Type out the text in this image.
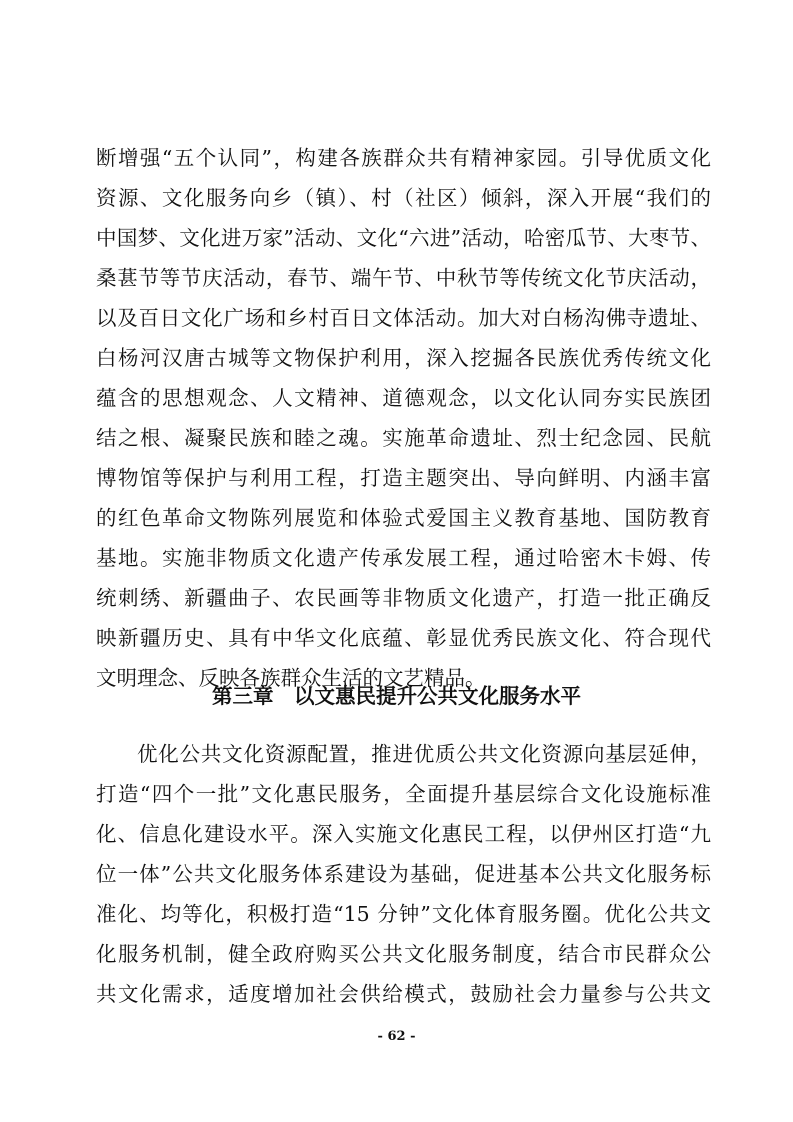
断增强“五个认同”，构建各族群众共有精神家园。引导优质文化
资源、文化服务向乡（镇）、村（社区）倾斜，深入开展“我们的
中国梦、文化进万家”活动、文化“六进”活动，哈密瓜节、大枣节、
桑葚节等节庆活动，春节、端午节、中秋节等传统文化节庆活动，
以及百日文化广场和乡村百日文体活动。加大对白杨沟佛寺遗址、
白杨河汉唐古城等文物保护利用，深入挖掘各民族优秀传统文化
蕴含的思想观念、人文精神、道德观念，以文化认同夯实民族团
结之根、凝聚民族和睦之魂。实施革命遗址、烈士纪念园、民航
博物馆等保护与利用工程，打造主题突出、导向鲜明、内涵丰富
的红色革命文物陈列展览和体验式爱国主义教育基地、国防教育
基地。实施非物质文化遗产传承发展工程，通过哈密木卡姆、传
统刺绣、新疆曲子、农民画等非物质文化遗产，打造一批正确反
映新疆历史、具有中华文化底蕴、彰显优秀民族文化、符合现代
文明理念、反映各族群众生活的文艺精品。
第三章　以文惠民提升公共文化服务水平
优化公共文化资源配置，推进优质公共文化资源向基层延伸，
打造“四个一批”文化惠民服务，全面提升基层综合文化设施标准
化、信息化建设水平。深入实施文化惠民工程，以伊州区打造“九
位一体”公共文化服务体系建设为基础，促进基本公共文化服务标
准化、均等化，积极打造“15 分钟”文化体育服务圈。优化公共文
化服务机制，健全政府购买公共文化服务制度，结合市民群众公
共文化需求，适度增加社会供给模式，鼓励社会力量参与公共文
- 62 -
